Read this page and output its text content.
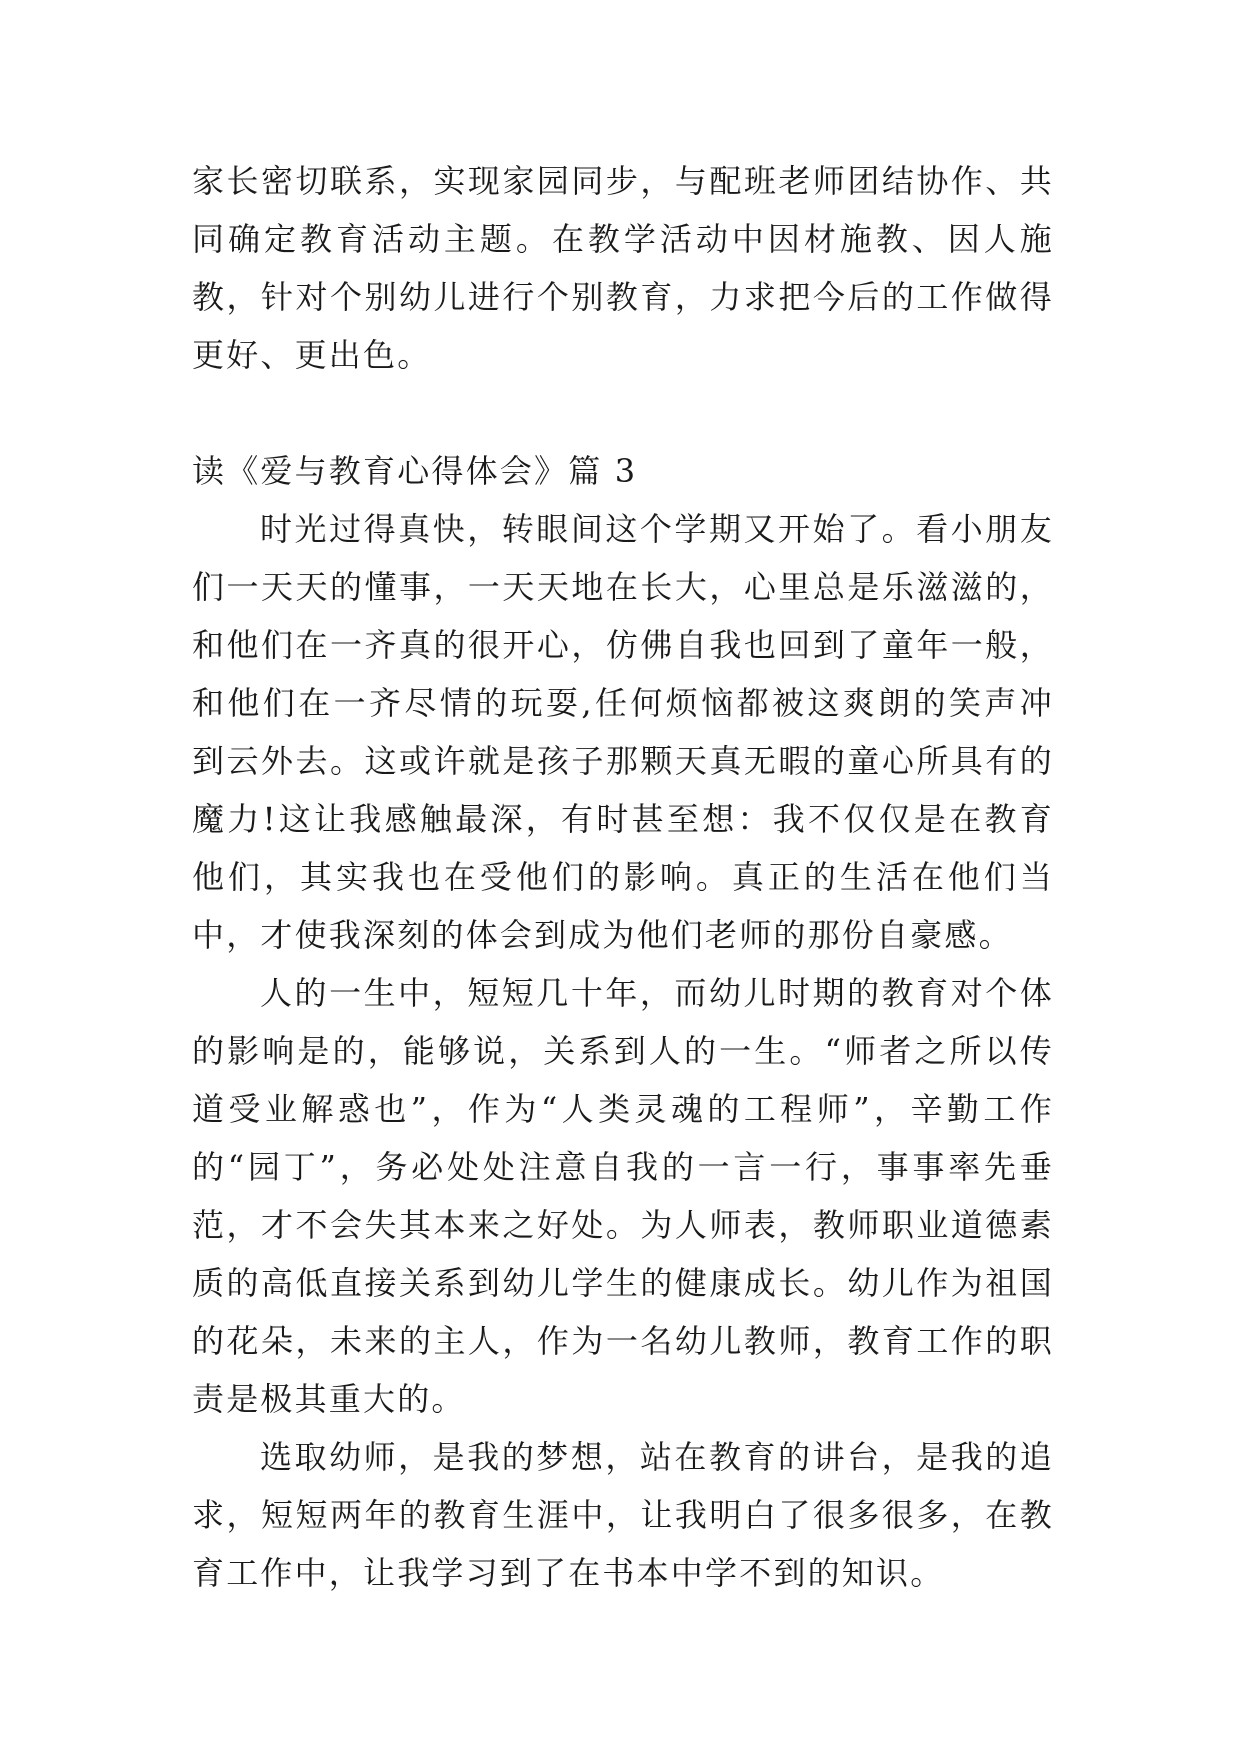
家长密切联系，实现家园同步，与配班老师团结协作、共同确定教育活动主题。在教学活动中因材施教、因人施教，针对个别幼儿进行个别教育，力求把今后的工作做得更好、更出色。

读《爱与教育心得体会》篇 3

时光过得真快，转眼间这个学期又开始了。看小朋友们一天天的懂事，一天天地在长大，心里总是乐滋滋的，和他们在一齐真的很开心，仿佛自我也回到了童年一般，和他们在一齐尽情的玩耍,任何烦恼都被这爽朗的笑声冲到云外去。这或许就是孩子那颗天真无暇的童心所具有的魔力!这让我感触最深，有时甚至想：我不仅仅是在教育他们，其实我也在受他们的影响。真正的生活在他们当中，才使我深刻的体会到成为他们老师的那份自豪感。

人的一生中，短短几十年，而幼儿时期的教育对个体的影响是的，能够说，关系到人的一生。“师者之所以传道受业解惑也”，作为“人类灵魂的工程师”，辛勤工作的“园丁”，务必处处注意自我的一言一行，事事率先垂范，才不会失其本来之好处。为人师表，教师职业道德素质的高低直接关系到幼儿学生的健康成长。幼儿作为祖国的花朵，未来的主人，作为一名幼儿教师，教育工作的职责是极其重大的。

选取幼师，是我的梦想，站在教育的讲台，是我的追求，短短两年的教育生涯中，让我明白了很多很多，在教育工作中，让我学习到了在书本中学不到的知识。
